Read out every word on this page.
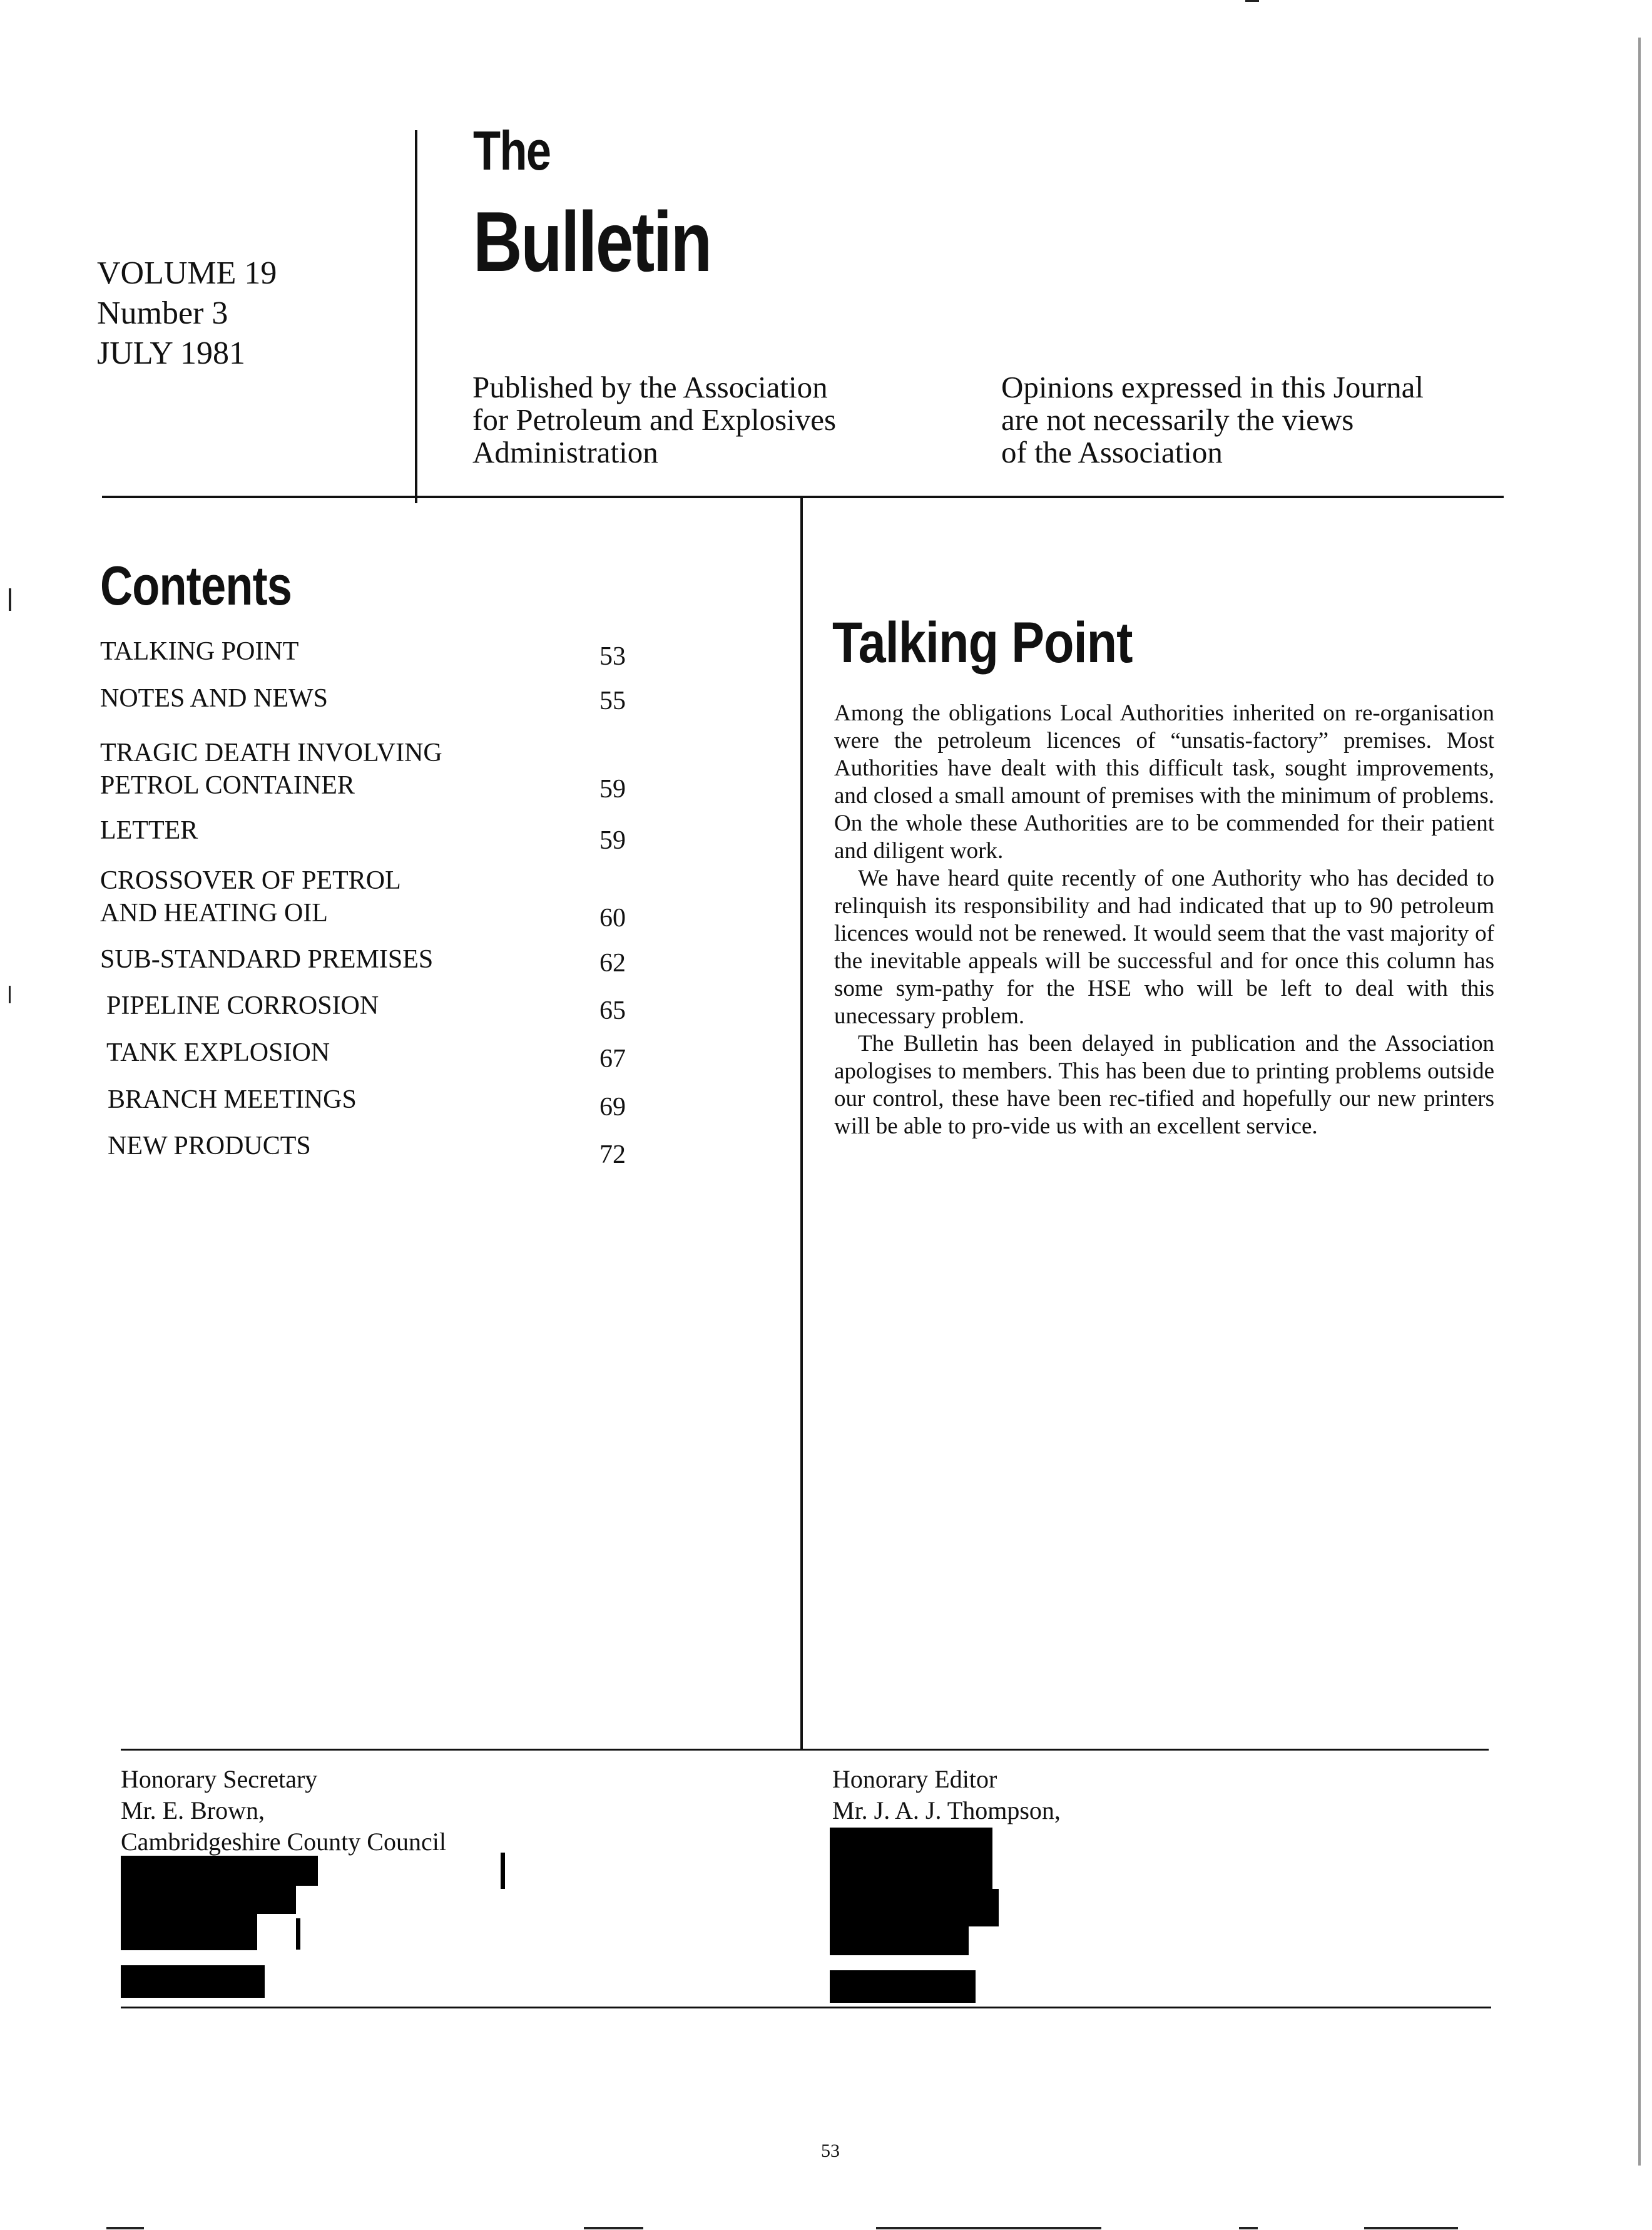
VOLUME 19
Number 3
JULY 1981
The
Bulletin
Published by the Association
for Petroleum and Explosives
Administration
Opinions expressed in this Journal
are not necessarily the views
of the Association
Contents
TALKING POINT	53
NOTES AND NEWS	55
TRAGIC DEATH INVOLVING
PETROL CONTAINER	59
LETTER	59
CROSSOVER OF PETROL
AND HEATING OIL	60
SUB-STANDARD PREMISES	62
PIPELINE CORROSION	65
TANK EXPLOSION	67
BRANCH MEETINGS	69
NEW PRODUCTS	72
Talking Point

Among the obligations Local Authorities inherited on re-organisation were the petroleum licences of “unsatis-factory” premises. Most Authorities have dealt with this difficult task, sought improvements, and closed a small amount of premises with the minimum of problems. On the whole these Authorities are to be commended for their patient and diligent work.

We have heard quite recently of one Authority who has decided to relinquish its responsibility and had indicated that up to 90 petroleum licences would not be renewed. It would seem that the vast majority of the inevitable appeals will be successful and for once this column has some sym-pathy for the HSE who will be left to deal with this unecessary problem.

The Bulletin has been delayed in publication and the Association apologises to members. This has been due to printing problems outside our control, these have been rec-tified and hopefully our new printers will be able to pro-vide us with an excellent service.

Honorary Secretary
Mr. E. Brown,
Cambridgeshire County Council
Honorary Editor
Mr. J. A. J. Thompson,
53
